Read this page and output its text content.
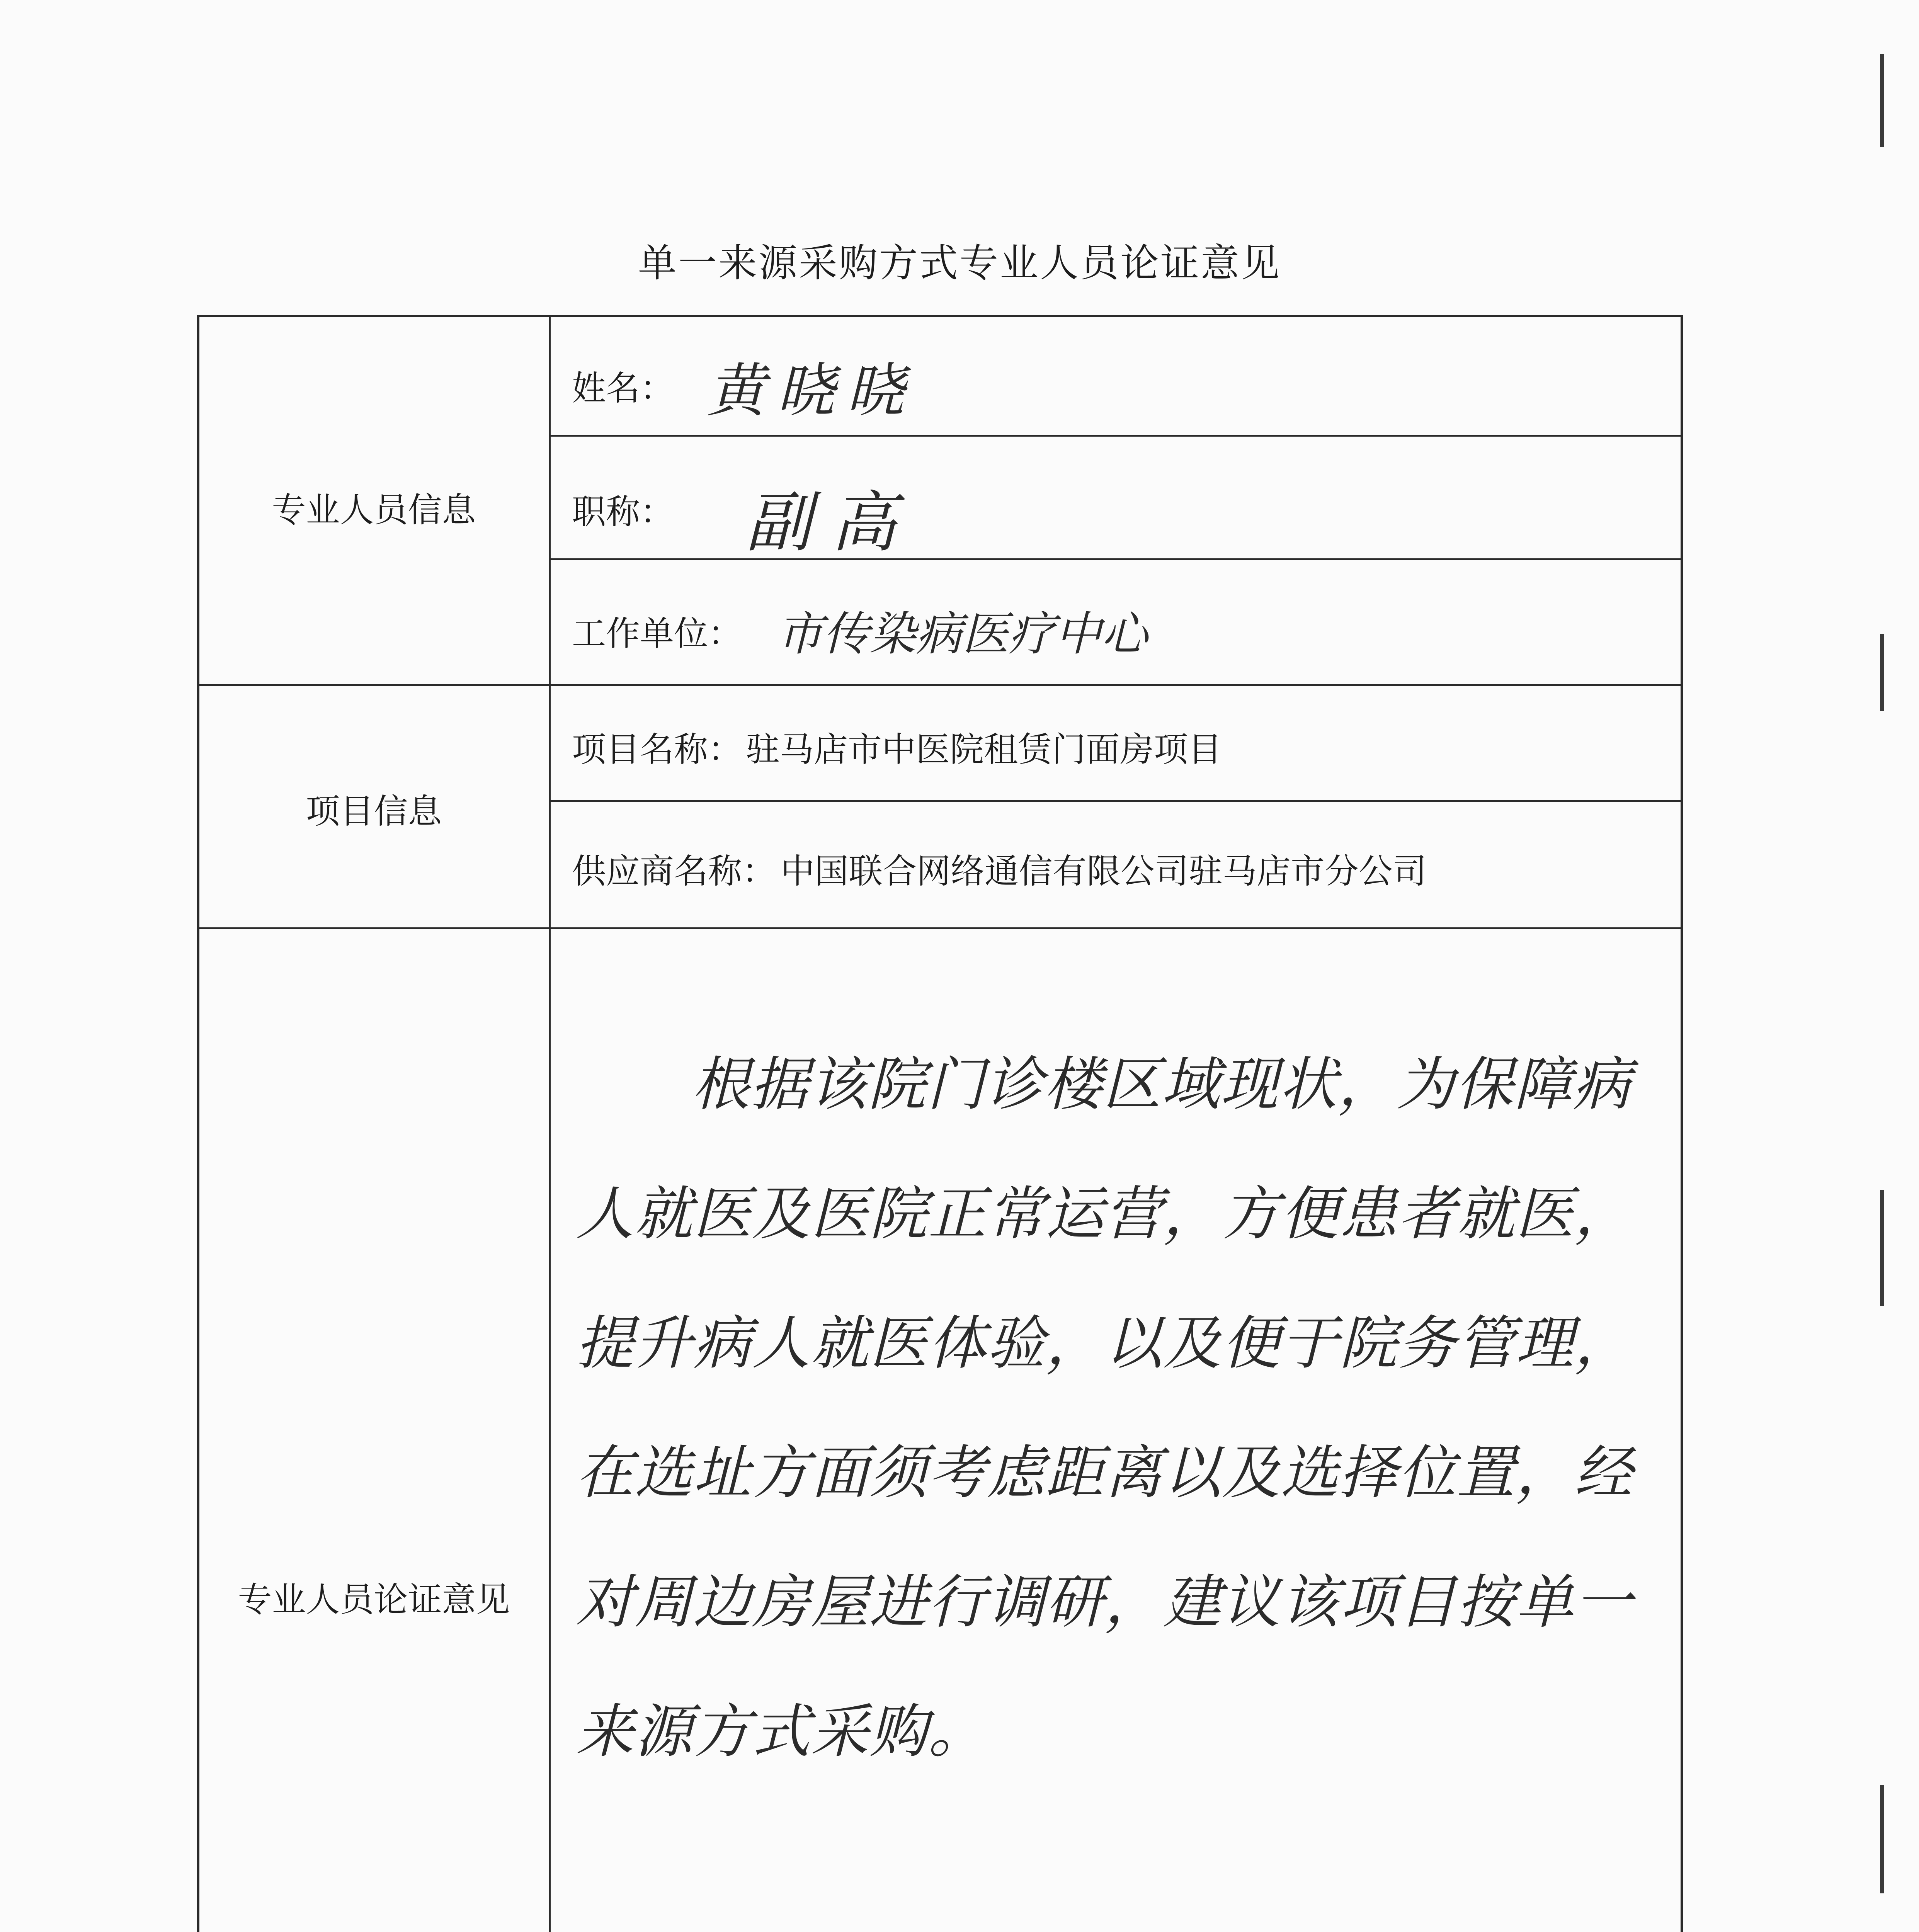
单一来源采购方式专业人员论证意见
专业人员信息
项目信息
专业人员论证意见
姓名： 黄晓晓
职称： 副高
工作单位： 市传染病医疗中心
项目名称： 驻马店市中医院租赁门面房项目
供应商名称： 中国联合网络通信有限公司驻马店市分公司
根据该院门诊楼区域现状，为保障病人就医及医院正常运营，方便患者就医，提升病人就医体验，以及便于院务管理，在选址方面须考虑距离以及选择位置，经对周边房屋进行调研，建议该项目按单一来源方式采购。
